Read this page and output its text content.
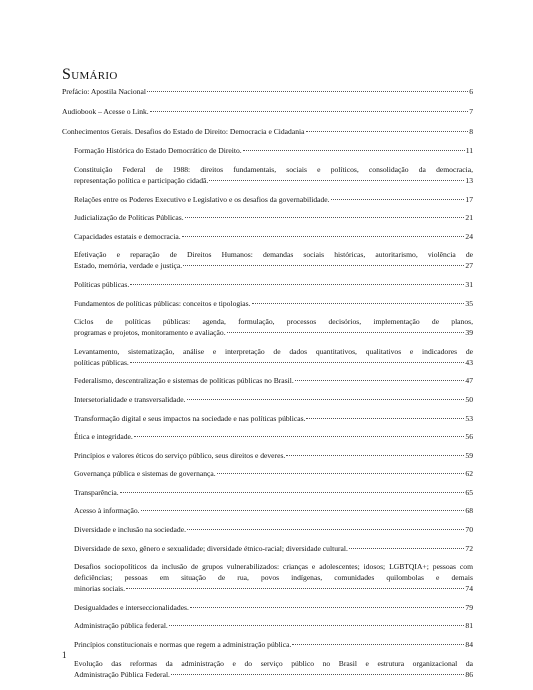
Sumário
Prefácio: Apostila Nacional	6
Audiobook – Acesse o Link.	7
Conhecimentos Gerais. Desafios do Estado de Direito: Democracia e Cidadania	8
Formação Histórica do Estado Democrático de Direito.	11
Constituição Federal de 1988: direitos fundamentais, sociais e políticos, consolidação da democracia,
representação política e participação cidadã.	13
Relações entre os Poderes Executivo e Legislativo e os desafios da governabilidade.	17
Judicialização de Políticas Públicas.	21
Capacidades estatais e democracia.	24
Efetivação e reparação de Direitos Humanos: demandas sociais históricas, autoritarismo, violência de
Estado, memória, verdade e justiça.	27
Políticas públicas.	31
Fundamentos de políticas públicas: conceitos e tipologias.	35
Ciclos de políticas públicas: agenda, formulação, processos decisórios, implementação de planos,
programas e projetos, monitoramento e avaliação.	39
Levantamento, sistematização, análise e interpretação de dados quantitativos, qualitativos e indicadores de
políticas públicas.	43
Federalismo, descentralização e sistemas de políticas públicas no Brasil.	47
Intersetorialidade e transversalidade.	50
Transformação digital e seus impactos na sociedade e nas políticas públicas.	53
Ética e integridade.	56
Princípios e valores éticos do serviço público, seus direitos e deveres.	59
Governança pública e sistemas de governança.	62
Transparência.	65
Acesso à informação.	68
Diversidade e inclusão na sociedade.	70
Diversidade de sexo, gênero e sexualidade; diversidade étnico-racial; diversidade cultural.	72
Desafios sociopolíticos da inclusão de grupos vulnerabilizados: crianças e adolescentes; idosos; LGBTQIA+; pessoas com deficiências; pessoas em situação de rua, povos indígenas, comunidades quilombolas e demais
minorias sociais.	74
Desigualdades e interseccionalidades.	79
Administração pública federal.	81
Princípios constitucionais e normas que regem a administração pública.	84
Evolução das reformas da administração e do serviço público no Brasil e estrutura organizacional da
Administração Pública Federal.	86
1
